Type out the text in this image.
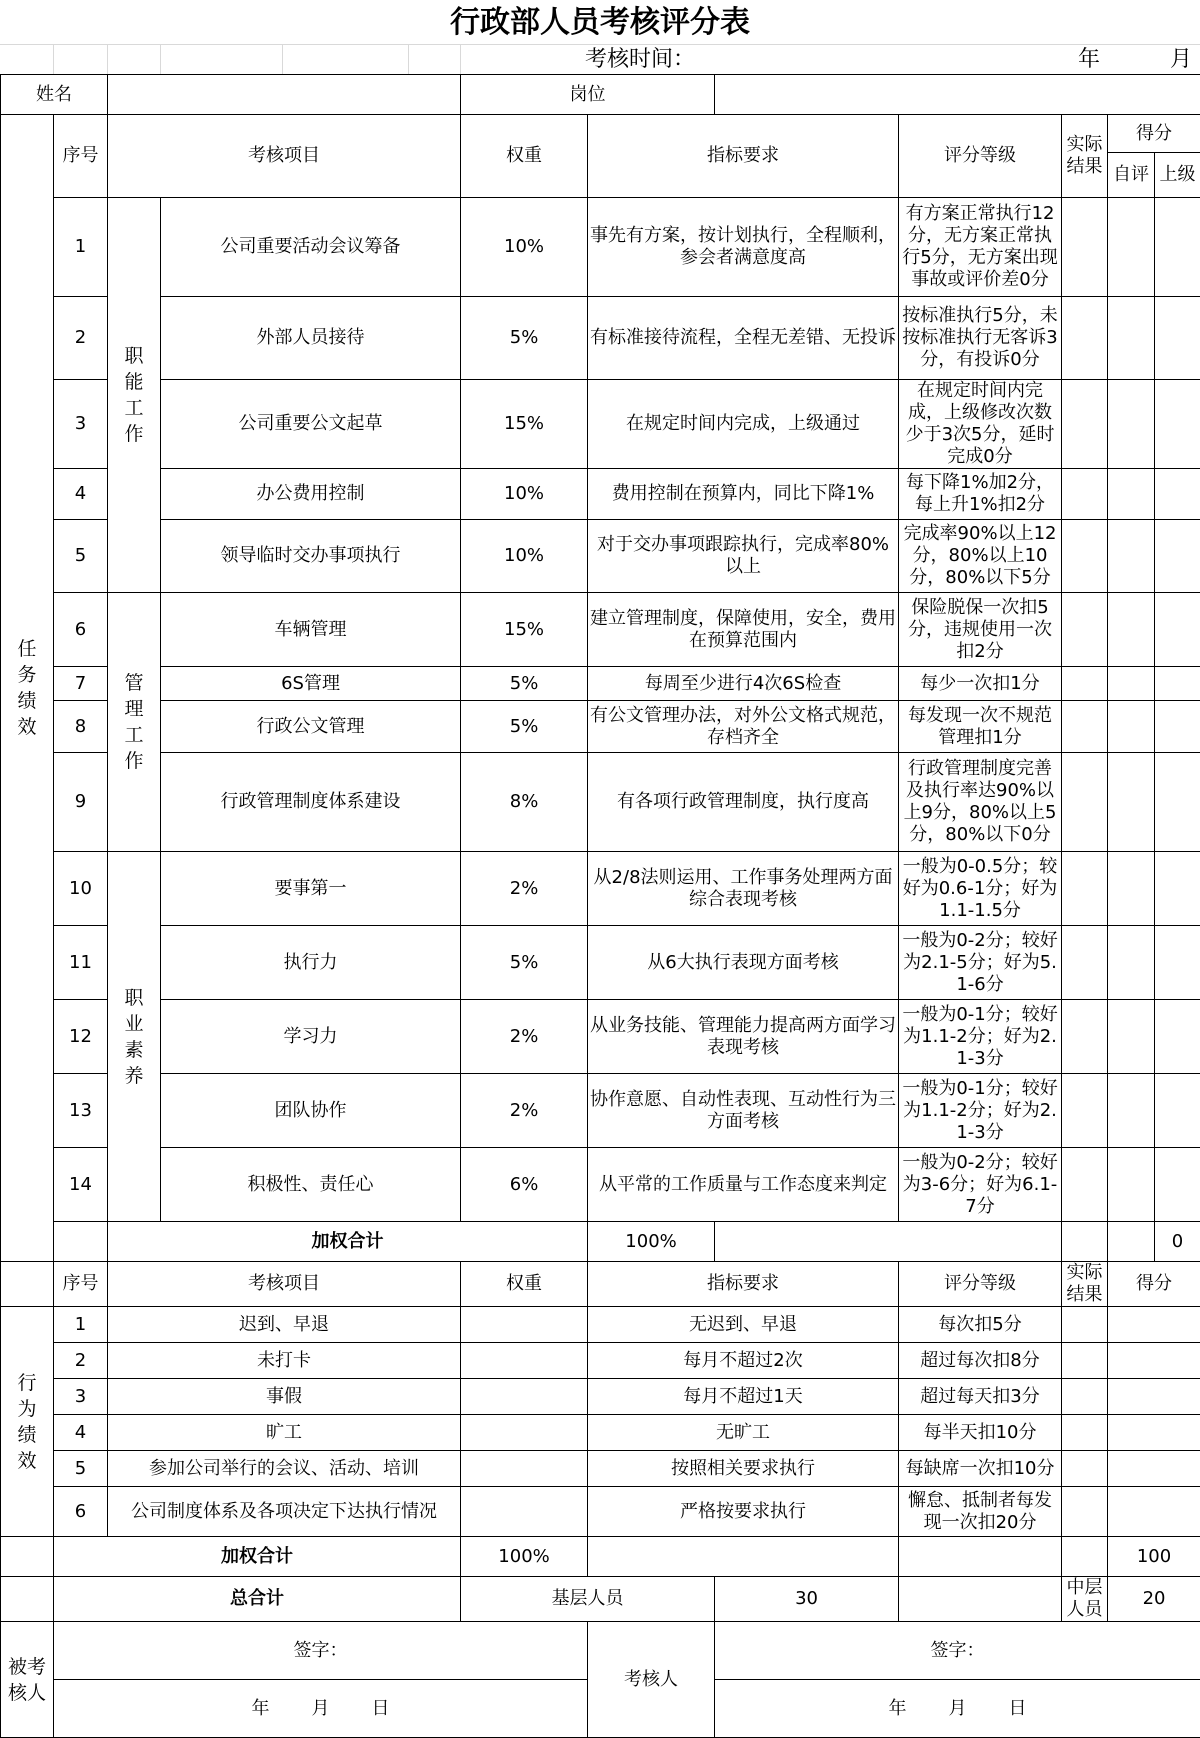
行政部人员考核评分表
考核时间：	年	月
姓名				岗位							
任务绩效	序号	考核项目		权重	指标要求		评分等级	实际结果	得分		
									自评	上级	
	1	职能工作	公司重要活动会议筹备	10%	事先有方案，按计划执行，全程顺利，参会者满意度高		有方案正常执行12分，无方案正常执行5分，无方案出现事故或评价差0分				
	2		外部人员接待	5%	有标准接待流程，全程无差错、无投诉		按标准执行5分，未按标准执行无客诉3分，有投诉0分				
	3		公司重要公文起草	15%	在规定时间内完成，上级通过		在规定时间内完成，上级修改次数少于3次5分，延时完成0分				
	4		办公费用控制	10%	费用控制在预算内，同比下降1%		每下降1%加2分，每上升1%扣2分				
	5		领导临时交办事项执行	10%	对于交办事项跟踪执行，完成率80%以上		完成率90%以上12分，80%以上10分，80%以下5分				
	6	管理工作	车辆管理	15%	建立管理制度，保障使用，安全，费用在预算范围内		保险脱保一次扣5分，违规使用一次扣2分				
	7		6S管理	5%	每周至少进行4次6S检查		每少一次扣1分				
	8		行政公文管理	5%	有公文管理办法，对外公文格式规范，存档齐全		每发现一次不规范管理扣1分				
	9		行政管理制度体系建设	8%	有各项行政管理制度，执行度高		行政管理制度完善及执行率达90%以上9分，80%以上5分，80%以下0分				
	10	职业素养	要事第一	2%	从2/8法则运用、工作事务处理两方面综合表现考核		一般为0-0.5分；较好为0.6-1分；好为1.1-1.5分				
	11		执行力	5%	从6大执行表现方面考核		一般为0-2分；较好为2.1-5分；好为5.1-6分				
	12		学习力	2%	从业务技能、管理能力提高两方面学习表现考核		一般为0-1分；较好为1.1-2分；好为2.1-3分				
	13		团队协作	2%	协作意愿、自动性表现、互动性行为三方面考核		一般为0-1分；较好为1.1-2分；好为2.1-3分				
	14		积极性、责任心	6%	从平常的工作质量与工作态度来判定		一般为0-2分；较好为3-6分；好为6.1-7分				
		加权合计			100%					0		
	序号	考核项目		权重	指标要求		评分等级	实际结果	得分		
行为绩效	1	迟到、早退			无迟到、早退		每次扣5分				
	2	未打卡			每月不超过2次		超过每次扣8分				
	3	事假			每月不超过1天		超过每天扣3分				
	4	旷工			无旷工		每半天扣10分				
	5	参加公司举行的会议、活动、培训			按照相关要求执行		每缺席一次扣10分				
	6	公司制度体系及各项决定下达执行情况			严格按要求执行		懈怠、抵制者每发现一次扣20分				
	加权合计			100%					100		
	总合计			基层人员		30		中层人员	20		
被考核人	签字：				考核人	签字：					
	年 月 日					年 月 日					
